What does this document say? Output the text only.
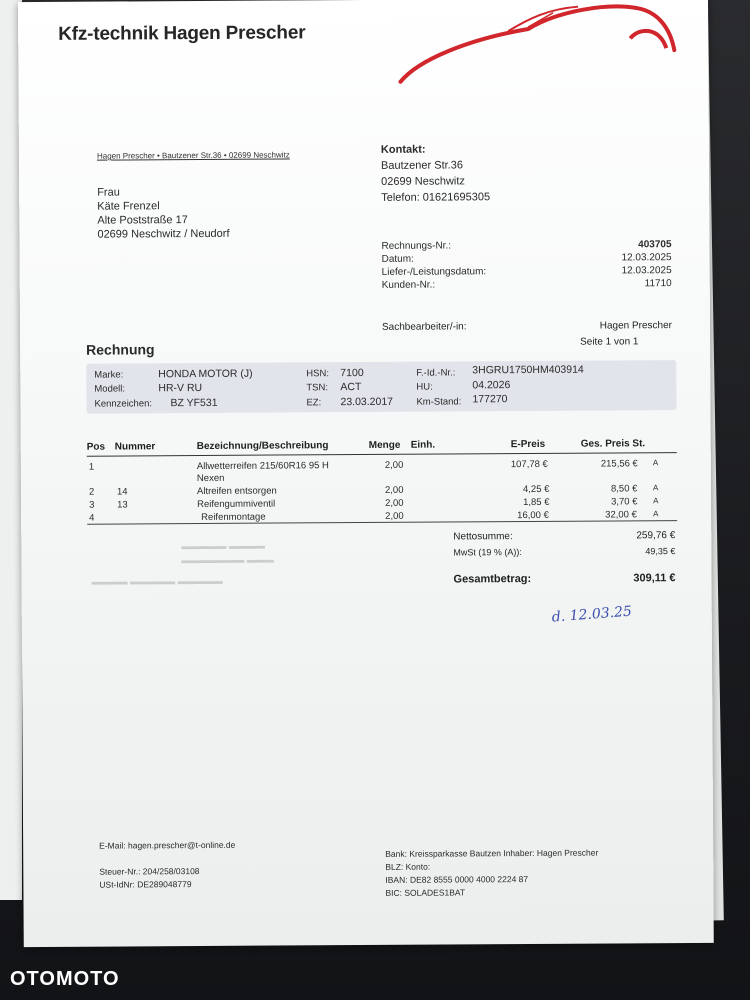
Kfz-technik Hagen Prescher
Hagen Prescher • Bautzener Str.36 • 02699 Neschwitz
Frau
Käte Frenzel
Alte Poststraße 17
02699 Neschwitz / Neudorf
Kontakt:
Bautzener Str.36
02699 Neschwitz
Telefon: 01621695305
Rechnungs-Nr.:	403705
Datum:	12.03.2025
Liefer-/Leistungsdatum:	12.03.2025
Kunden-Nr.:	11710
Sachbearbeiter/-in:	Hagen Prescher
Seite 1 von 1
Rechnung
Marke:	HONDA MOTOR (J)
Modell:	HR-V RU
Kennzeichen: BZ YF531
HSN: 7100
TSN: ACT
EZ: 23.03.2017
F.-Id.-Nr.: 3HGRU1750HM403914
HU:	04.2026
Km-Stand: 177270
Pos Nummer	Bezeichnung/Beschreibung	Menge Einh.	E-Preis	Ges. Preis St.
1	Allwetterreifen 215/60R16 95 H	2,00	107,78 €	215,56 € A
Nexen
2 14	Altreifen entsorgen	2,00	4,25 €	8,50 € A
3 13	Reifengummiventil	2,00	1,85 €	3,70 € A
4	Reifenmontage	2,00	16,00 €	32,00 € A
▬▬▬▬▬ ▬▬▬▬
▬▬▬▬▬▬▬ ▬▬▬
▬▬▬▬ ▬▬▬▬▬ ▬▬▬▬▬
Nettosumme:	259,76 €
MwSt (19 % (A)):	49,35 €
Gesamtbetrag:	309,11 €
d. 12.03.25
E-Mail: hagen.prescher@t-online.de

Steuer-Nr.: 204/258/03108
USt-IdNr: DE289048779
Bank: Kreissparkasse Bautzen Inhaber: Hagen Prescher
BLZ: Konto:
IBAN: DE82 8555 0000 4000 2224 87
BIC: SOLADES1BAT
OTOMOTO
